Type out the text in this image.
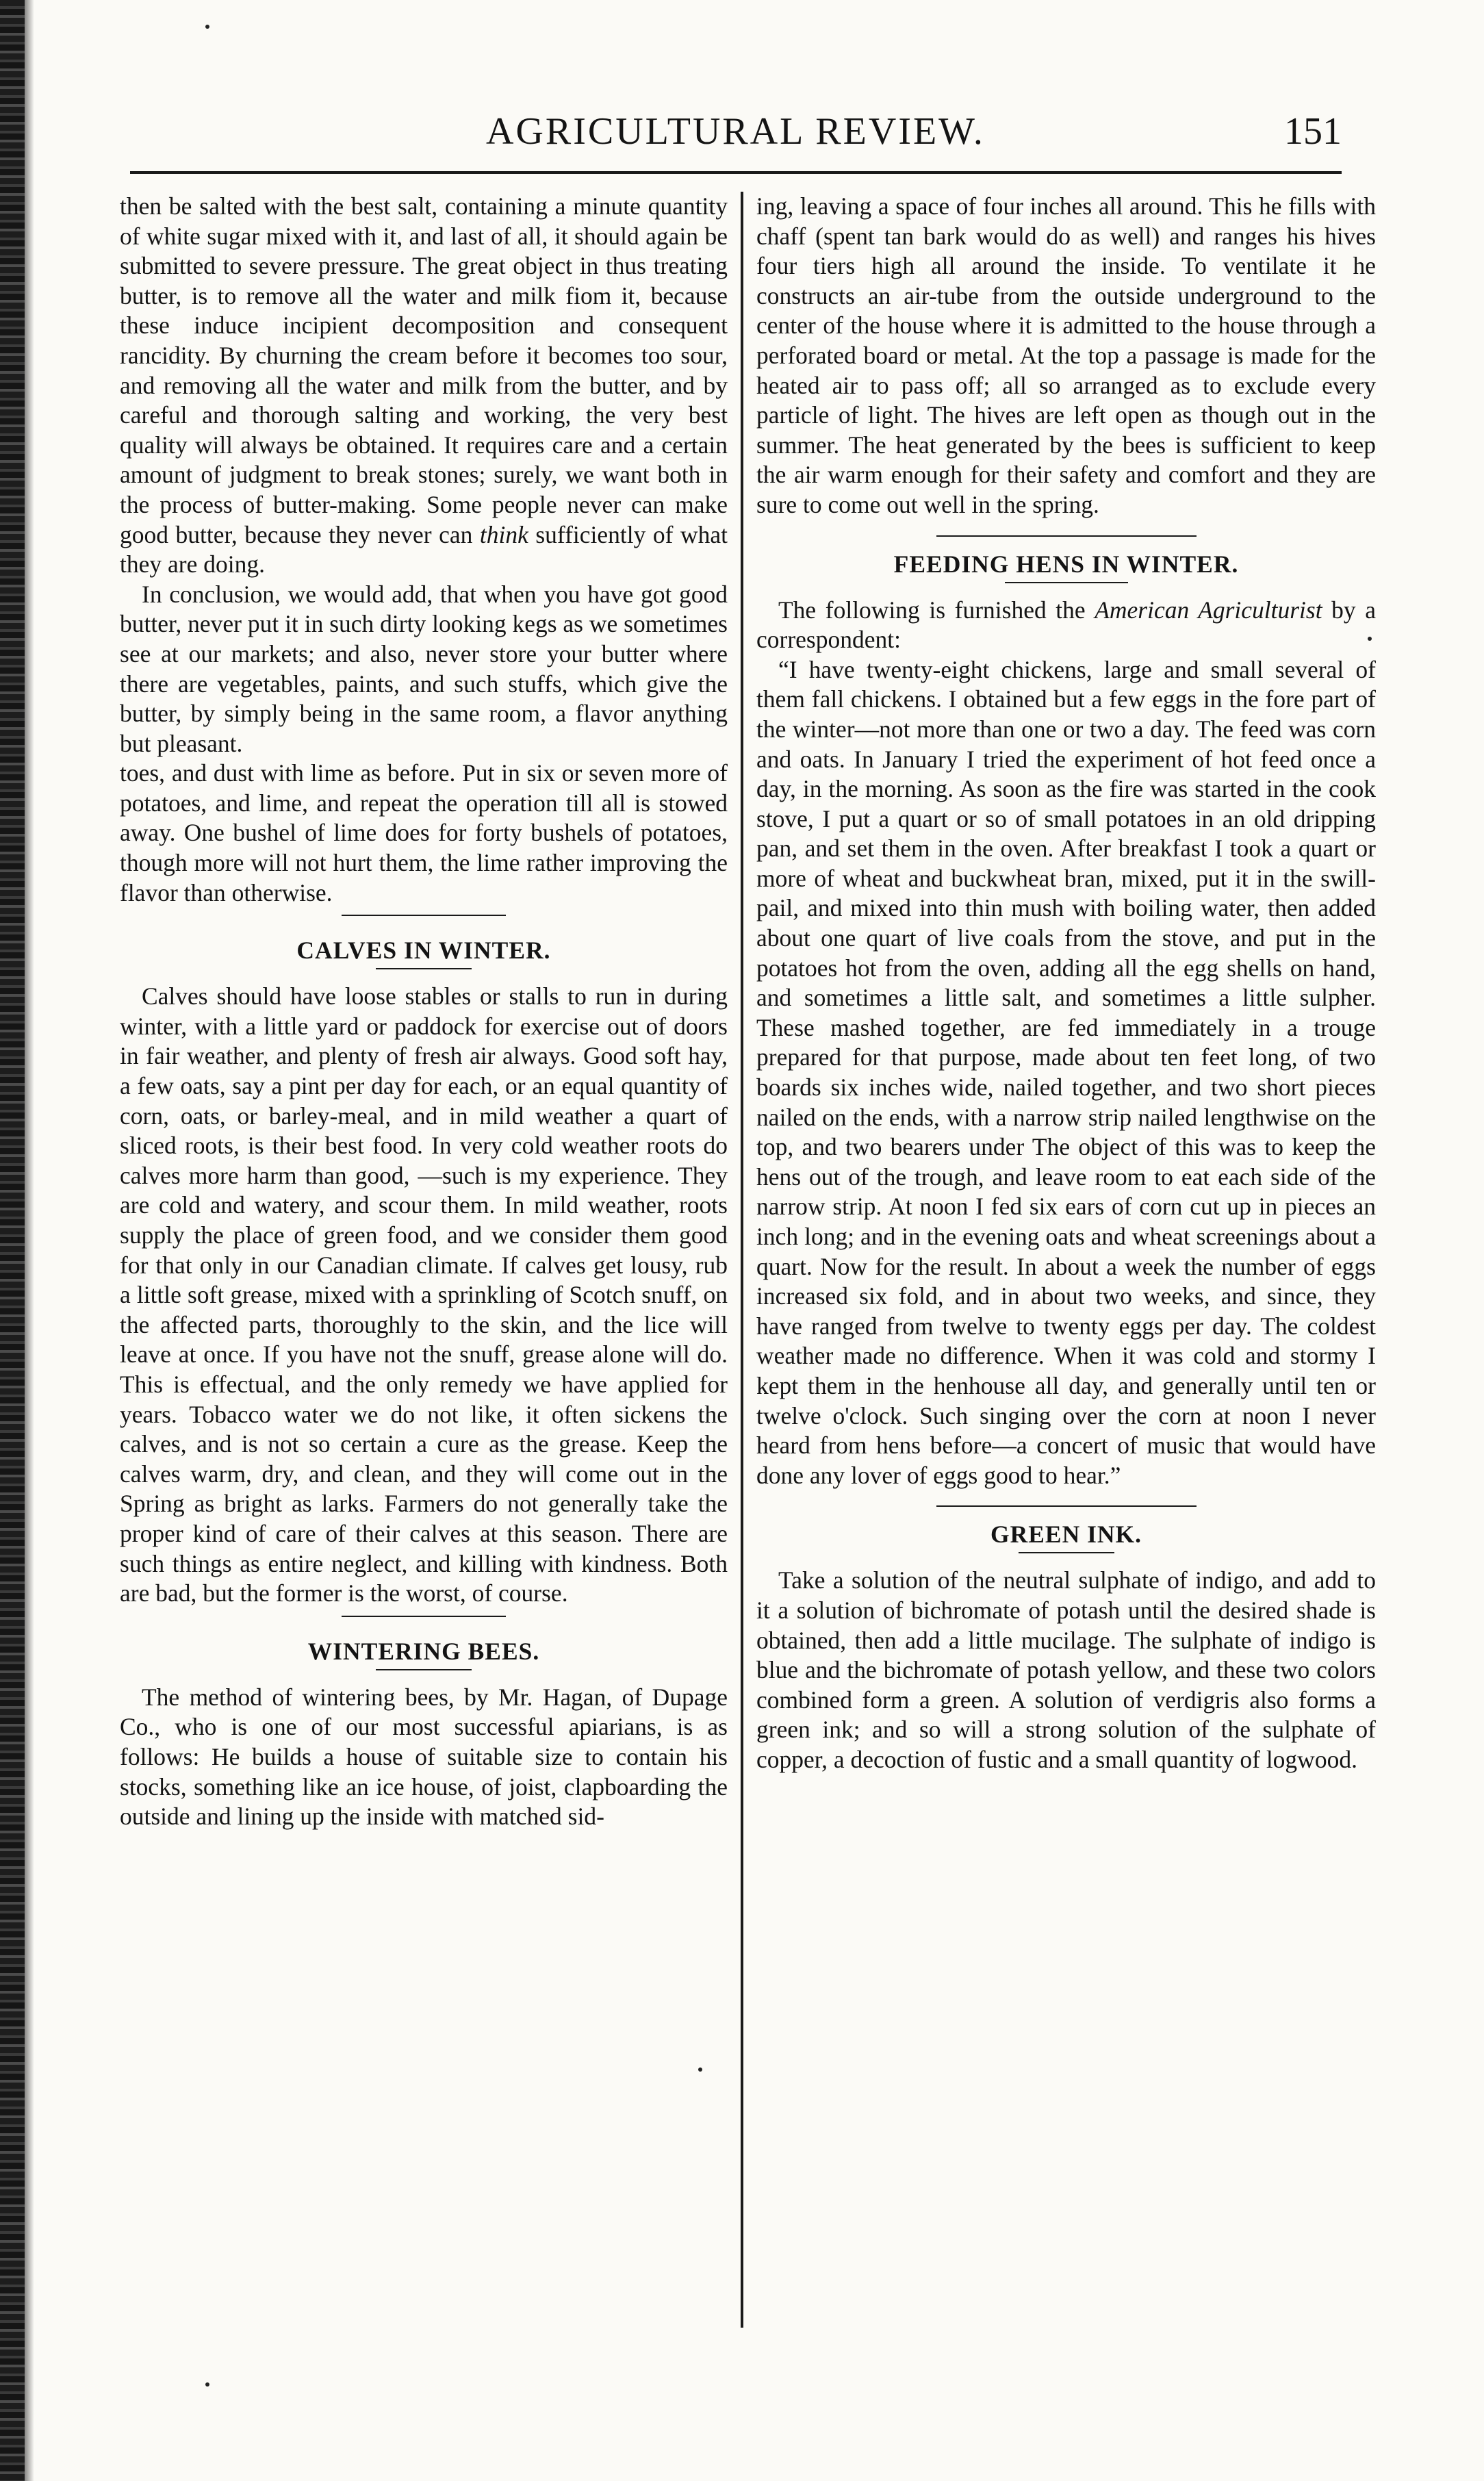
AGRICULTURAL REVIEW.	151

then be salted with the best salt, containing a minute quantity of white sugar mixed with it, and last of all, it should again be submitted to severe pressure. The great object in thus treating butter, is to remove all the water and milk fiom it, because these induce incipient decomposition and consequent rancidity. By churning the cream before it becomes too sour, and removing all the water and milk from the butter, and by careful and thorough salting and working, the very best quality will always be obtained. It requires care and a certain amount of judgment to break stones; surely, we want both in the process of butter-making. Some people never can make good butter, because they never can think sufficiently of what they are doing.

In conclusion, we would add, that when you have got good butter, never put it in such dirty looking kegs as we sometimes see at our markets; and also, never store your butter where there are vegetables, paints, and such stuffs, which give the butter, by simply being in the same room, a flavor anything but pleasant.

toes, and dust with lime as before. Put in six or seven more of potatoes, and lime, and repeat the operation till all is stowed away. One bushel of lime does for forty bushels of potatoes, though more will not hurt them, the lime rather improving the flavor than otherwise.

CALVES IN WINTER.

Calves should have loose stables or stalls to run in during winter, with a little yard or paddock for exercise out of doors in fair weather, and plenty of fresh air always. Good soft hay, a few oats, say a pint per day for each, or an equal quantity of corn, oats, or barley-meal, and in mild weather a quart of sliced roots, is their best food. In very cold weather roots do calves more harm than good, —such is my experience. They are cold and watery, and scour them. In mild weather, roots supply the place of green food, and we consider them good for that only in our Canadian climate. If calves get lousy, rub a little soft grease, mixed with a sprinkling of Scotch snuff, on the affected parts, thoroughly to the skin, and the lice will leave at once. If you have not the snuff, grease alone will do. This is effectual, and the only remedy we have applied for years. Tobacco water we do not like, it often sickens the calves, and is not so certain a cure as the grease. Keep the calves warm, dry, and clean, and they will come out in the Spring as bright as larks. Farmers do not generally take the proper kind of care of their calves at this season. There are such things as entire neglect, and killing with kindness. Both are bad, but the former is the worst, of course.

WINTERING BEES.

The method of wintering bees, by Mr. Hagan, of Dupage Co., who is one of our most successful apiarians, is as follows: He builds a house of suitable size to contain his stocks, something like an ice house, of joist, clapboarding the outside and lining up the inside with matched sid-

ing, leaving a space of four inches all around. This he fills with chaff (spent tan bark would do as well) and ranges his hives four tiers high all around the inside. To ventilate it he constructs an air-tube from the outside underground to the center of the house where it is admitted to the house through a perforated board or metal. At the top a passage is made for the heated air to pass off; all so arranged as to exclude every particle of light. The hives are left open as though out in the summer. The heat generated by the bees is sufficient to keep the air warm enough for their safety and comfort and they are sure to come out well in the spring.

FEEDING HENS IN WINTER.

The following is furnished the American Agriculturist by a correspondent:

“I have twenty-eight chickens, large and small several of them fall chickens. I obtained but a few eggs in the fore part of the winter—not more than one or two a day. The feed was corn and oats. In January I tried the experiment of hot feed once a day, in the morning. As soon as the fire was started in the cook stove, I put a quart or so of small potatoes in an old dripping pan, and set them in the oven. After breakfast I took a quart or more of wheat and buckwheat bran, mixed, put it in the swill-pail, and mixed into thin mush with boiling water, then added about one quart of live coals from the stove, and put in the potatoes hot from the oven, adding all the egg shells on hand, and sometimes a little salt, and sometimes a little sulpher. These mashed together, are fed immediately in a trouge prepared for that purpose, made about ten feet long, of two boards six inches wide, nailed together, and two short pieces nailed on the ends, with a narrow strip nailed lengthwise on the top, and two bearers under The object of this was to keep the hens out of the trough, and leave room to eat each side of the narrow strip. At noon I fed six ears of corn cut up in pieces an inch long; and in the evening oats and wheat screenings about a quart. Now for the result. In about a week the number of eggs increased six fold, and in about two weeks, and since, they have ranged from twelve to twenty eggs per day. The coldest weather made no difference. When it was cold and stormy I kept them in the henhouse all day, and generally until ten or twelve o'clock. Such singing over the corn at noon I never heard from hens before—a concert of music that would have done any lover of eggs good to hear.”

GREEN INK.

Take a solution of the neutral sulphate of indigo, and add to it a solution of bichromate of potash until the desired shade is obtained, then add a little mucilage. The sulphate of indigo is blue and the bichromate of potash yellow, and these two colors combined form a green. A solution of verdigris also forms a green ink; and so will a strong solution of the sulphate of copper, a decoction of fustic and a small quantity of logwood.
